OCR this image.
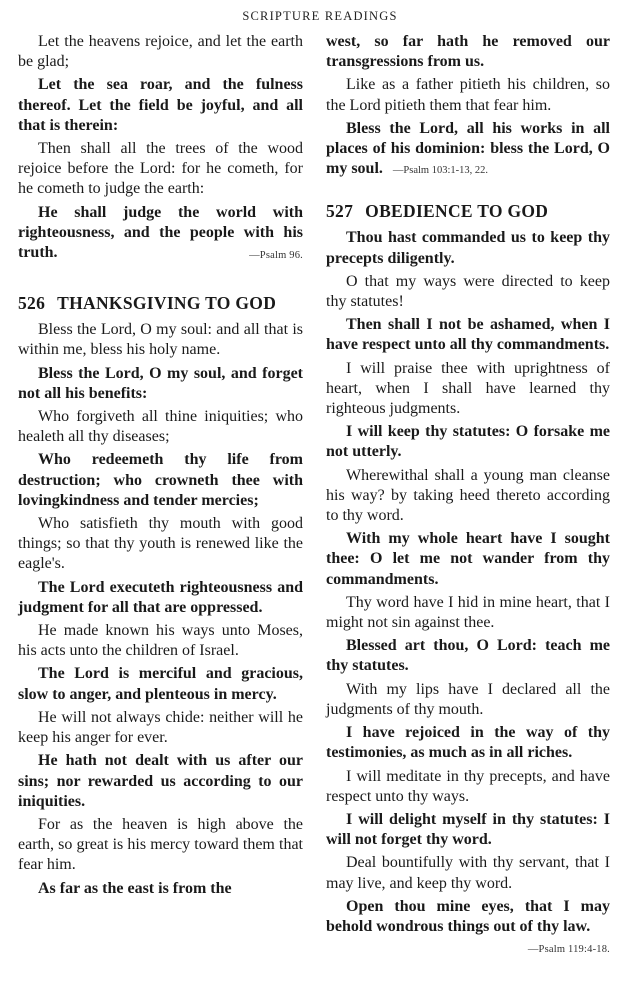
SCRIPTURE READINGS

Let the heavens rejoice, and let the earth be glad;

Let the sea roar, and the fulness thereof. Let the field be joyful, and all that is therein:

Then shall all the trees of the wood rejoice before the Lord: for he cometh, for he cometh to judge the earth:

He shall judge the world with righteousness, and the people with his truth.	—Psalm 96.

526 THANKSGIVING TO GOD

Bless the Lord, O my soul: and all that is within me, bless his holy name.

Bless the Lord, O my soul, and forget not all his benefits:

Who forgiveth all thine iniquities; who healeth all thy diseases;

Who redeemeth thy life from destruction; who crowneth thee with lovingkindness and tender mercies;

Who satisfieth thy mouth with good things; so that thy youth is renewed like the eagle's.

The Lord executeth righteousness and judgment for all that are oppressed.

He made known his ways unto Moses, his acts unto the children of Israel.

The Lord is merciful and gracious, slow to anger, and plenteous in mercy.

He will not always chide: neither will he keep his anger for ever.

He hath not dealt with us after our sins; nor rewarded us according to our iniquities.

For as the heaven is high above the earth, so great is his mercy toward them that fear him.

As far as the east is from the

west, so far hath he removed our transgressions from us.

Like as a father pitieth his children, so the Lord pitieth them that fear him.

Bless the Lord, all his works in all places of his dominion: bless the Lord, O my soul. —Psalm 103:1-13, 22.

527 OBEDIENCE TO GOD

Thou hast commanded us to keep thy precepts diligently.

O that my ways were directed to keep thy statutes!

Then shall I not be ashamed, when I have respect unto all thy commandments.

I will praise thee with uprightness of heart, when I shall have learned thy righteous judgments.

I will keep thy statutes: O forsake me not utterly.

Wherewithal shall a young man cleanse his way? by taking heed thereto according to thy word.

With my whole heart have I sought thee: O let me not wander from thy commandments.

Thy word have I hid in mine heart, that I might not sin against thee.

Blessed art thou, O Lord: teach me thy statutes.

With my lips have I declared all the judgments of thy mouth.

I have rejoiced in the way of thy testimonies, as much as in all riches.

I will meditate in thy precepts, and have respect unto thy ways.

I will delight myself in thy statutes: I will not forget thy word.

Deal bountifully with thy servant, that I may live, and keep thy word.

Open thou mine eyes, that I may behold wondrous things out of thy law.
—Psalm 119:4-18.
